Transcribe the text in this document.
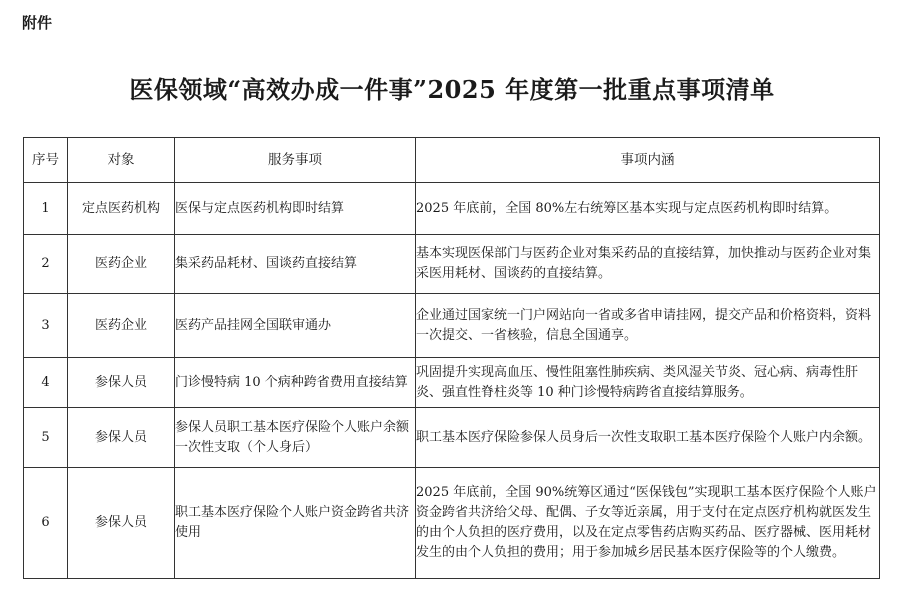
附件
医保领域“高效办成一件事”2025 年度第一批重点事项清单
序号	对象	服务事项	事项内涵
1	定点医药机构	医保与定点医药机构即时结算	2025 年底前，全国 80%左右统筹区基本实现与定点医药机构即时结算。
2	医药企业	集采药品耗材、国谈药直接结算	基本实现医保部门与医药企业对集采药品的直接结算，加快推动与医药企业对集采医用耗材、国谈药的直接结算。
3	医药企业	医药产品挂网全国联审通办	企业通过国家统一门户网站向一省或多省申请挂网，提交产品和价格资料，资料一次提交、一省核验，信息全国通享。
4	参保人员	门诊慢特病 10 个病种跨省费用直接结算	巩固提升实现高血压、慢性阻塞性肺疾病、类风湿关节炎、冠心病、病毒性肝炎、强直性脊柱炎等 10 种门诊慢特病跨省直接结算服务。
5	参保人员	参保人员职工基本医疗保险个人账户余额一次性支取（个人身后）	职工基本医疗保险参保人员身后一次性支取职工基本医疗保险个人账户内余额。
6	参保人员	职工基本医疗保险个人账户资金跨省共济使用	2025 年底前，全国 90%统筹区通过“医保钱包”实现职工基本医疗保险个人账户资金跨省共济给父母、配偶、子女等近亲属，用于支付在定点医疗机构就医发生的由个人负担的医疗费用，以及在定点零售药店购买药品、医疗器械、医用耗材发生的由个人负担的费用；用于参加城乡居民基本医疗保险等的个人缴费。
